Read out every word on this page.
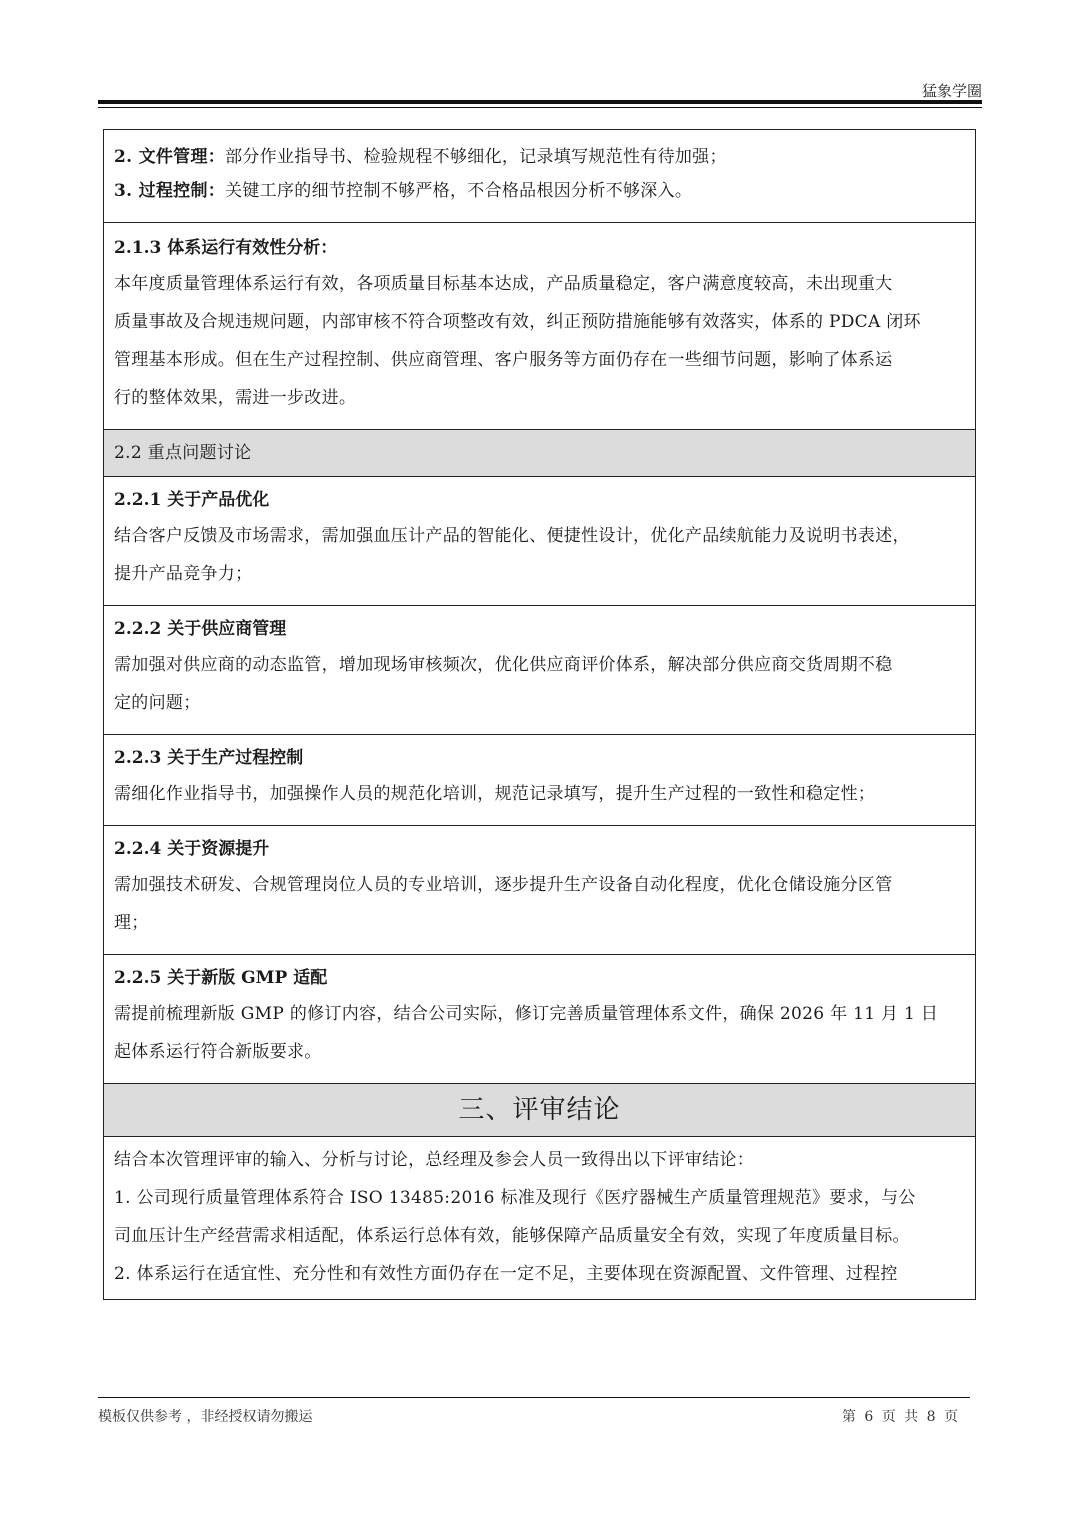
猛象学圈
2. 文件管理：部分作业指导书、检验规程不够细化，记录填写规范性有待加强；
3. 过程控制：关键工序的细节控制不够严格，不合格品根因分析不够深入。
2.1.3 体系运行有效性分析：
本年度质量管理体系运行有效，各项质量目标基本达成，产品质量稳定，客户满意度较高，未出现重大
质量事故及合规违规问题，内部审核不符合项整改有效，纠正预防措施能够有效落实，体系的 PDCA 闭环
管理基本形成。但在生产过程控制、供应商管理、客户服务等方面仍存在一些细节问题，影响了体系运
行的整体效果，需进一步改进。
2.2 重点问题讨论
2.2.1 关于产品优化
结合客户反馈及市场需求，需加强血压计产品的智能化、便捷性设计，优化产品续航能力及说明书表述，
提升产品竞争力；
2.2.2 关于供应商管理
需加强对供应商的动态监管，增加现场审核频次，优化供应商评价体系，解决部分供应商交货周期不稳
定的问题；
2.2.3 关于生产过程控制
需细化作业指导书，加强操作人员的规范化培训，规范记录填写，提升生产过程的一致性和稳定性；
2.2.4 关于资源提升
需加强技术研发、合规管理岗位人员的专业培训，逐步提升生产设备自动化程度，优化仓储设施分区管
理；
2.2.5 关于新版 GMP 适配
需提前梳理新版 GMP 的修订内容，结合公司实际，修订完善质量管理体系文件，确保 2026 年 11 月 1 日
起体系运行符合新版要求。
三、评审结论
结合本次管理评审的输入、分析与讨论，总经理及参会人员一致得出以下评审结论：
1. 公司现行质量管理体系符合 ISO 13485:2016 标准及现行《医疗器械生产质量管理规范》要求，与公
司血压计生产经营需求相适配，体系运行总体有效，能够保障产品质量安全有效，实现了年度质量目标。
2. 体系运行在适宜性、充分性和有效性方面仍存在一定不足，主要体现在资源配置、文件管理、过程控
模板仅供参考 ，非经授权请勿搬运	第 6 页 共 8 页
